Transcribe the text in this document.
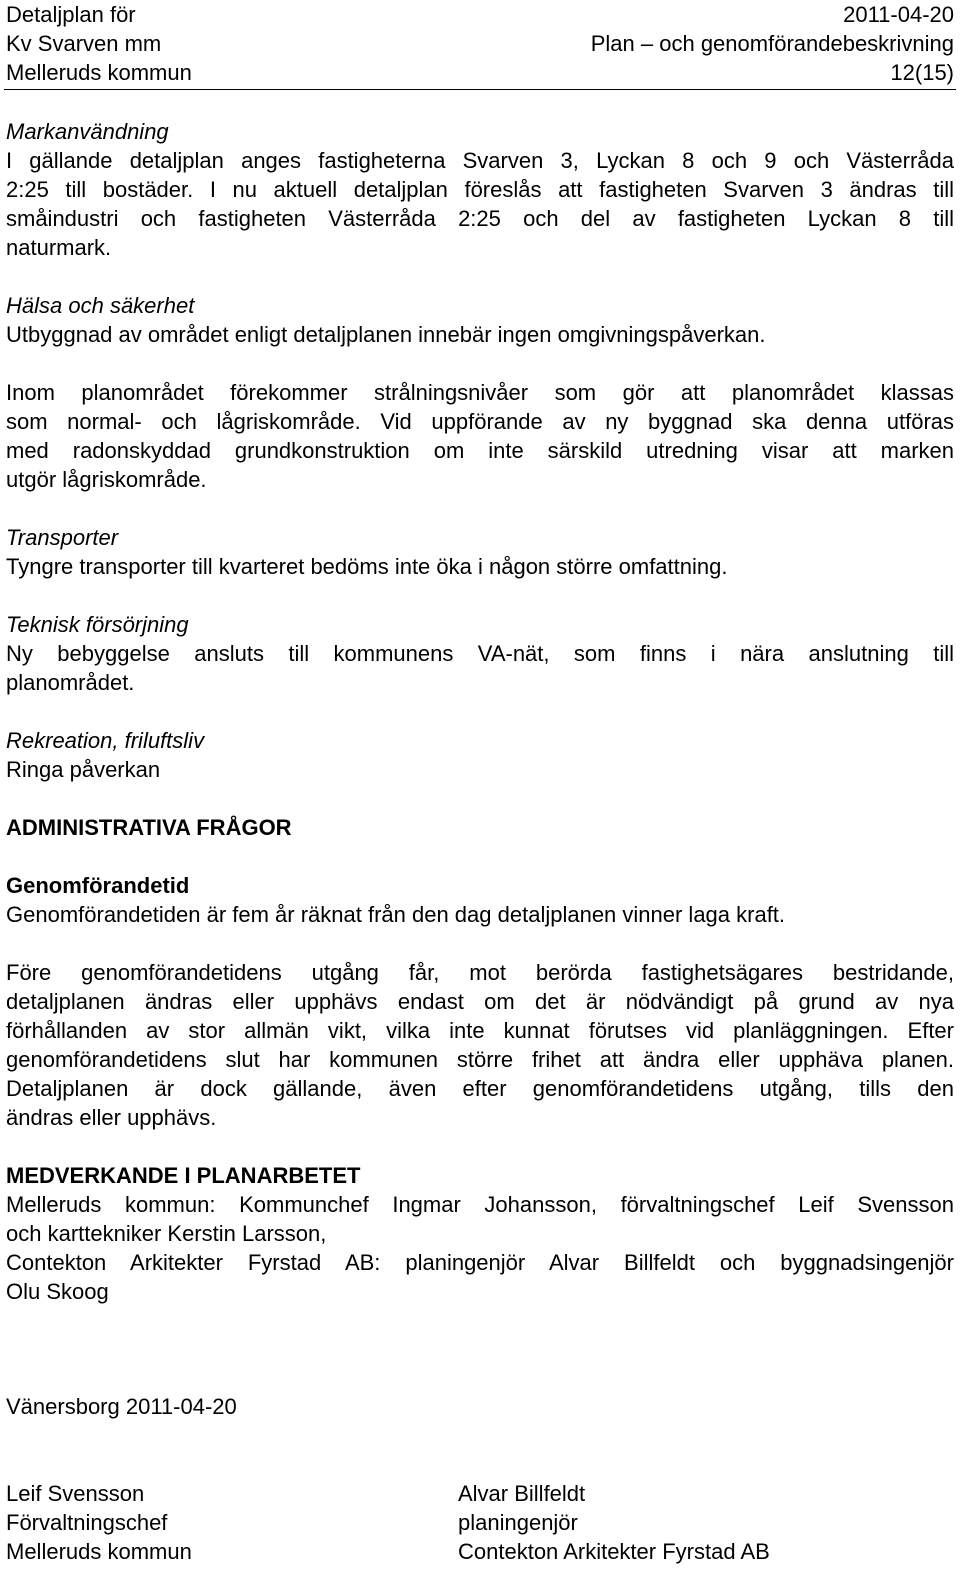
Detaljplan för

Kv Svarven mm

Melleruds kommun

2011-04-20

Plan – och genomförandebeskrivning

12(15)

Markanvändning

I gällande detaljplan anges fastigheterna Svarven 3, Lyckan 8 och 9 och Västerråda

2:25 till bostäder. I nu aktuell detaljplan föreslås att fastigheten Svarven 3 ändras till

småindustri och fastigheten Västerråda 2:25 och del av fastigheten Lyckan 8 till

naturmark.

Hälsa och säkerhet

Utbyggnad av området enligt detaljplanen innebär ingen omgivningspåverkan.

Inom planområdet förekommer strålningsnivåer som gör att planområdet klassas

som normal- och lågriskområde. Vid uppförande av ny byggnad ska denna utföras

med radonskyddad grundkonstruktion om inte särskild utredning visar att marken

utgör lågriskområde.

Transporter

Tyngre transporter till kvarteret bedöms inte öka i någon större omfattning.

Teknisk försörjning

Ny bebyggelse ansluts till kommunens VA-nät, som finns i nära anslutning till

planområdet.

Rekreation, friluftsliv

Ringa påverkan

ADMINISTRATIVA FRÅGOR

Genomförandetid

Genomförandetiden är fem år räknat från den dag detaljplanen vinner laga kraft.

Före genomförandetidens utgång får, mot berörda fastighetsägares bestridande,

detaljplanen ändras eller upphävs endast om det är nödvändigt på grund av nya

förhållanden av stor allmän vikt, vilka inte kunnat förutses vid planläggningen. Efter

genomförandetidens slut har kommunen större frihet att ändra eller upphäva planen.

Detaljplanen är dock gällande, även efter genomförandetidens utgång, tills den

ändras eller upphävs.

MEDVERKANDE I PLANARBETET

Melleruds kommun: Kommunchef Ingmar Johansson, förvaltningschef Leif Svensson

och karttekniker Kerstin Larsson,

Contekton Arkitekter Fyrstad AB: planingenjör Alvar Billfeldt och byggnadsingenjör

Olu Skoog

Vänersborg 2011-04-20

Leif Svensson

Förvaltningschef

Melleruds kommun

Alvar Billfeldt

planingenjör

Contekton Arkitekter Fyrstad AB
